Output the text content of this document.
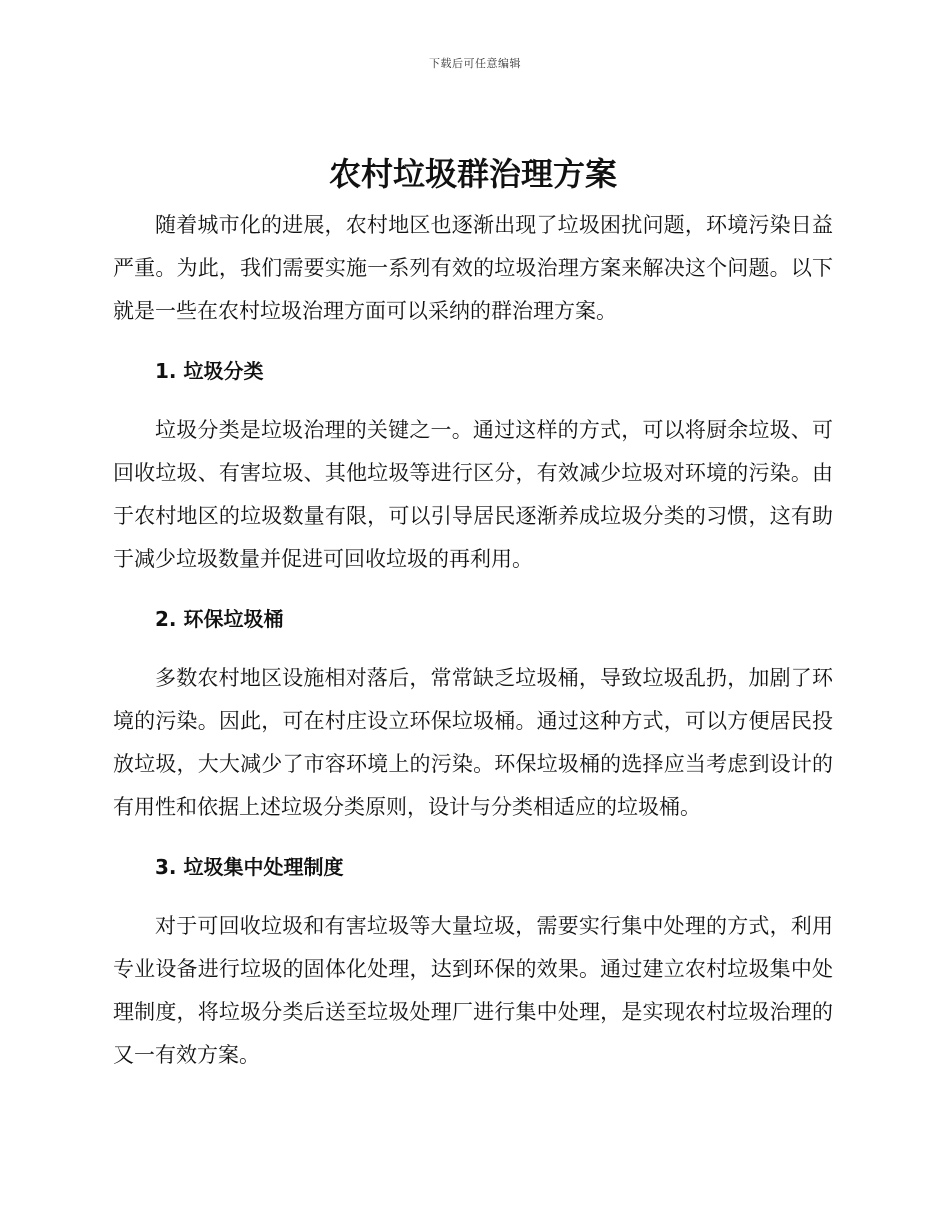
下载后可任意编辑
农村垃圾群治理方案

随着城市化的进展，农村地区也逐渐出现了垃圾困扰问题，环境污染日益严重。为此，我们需要实施一系列有效的垃圾治理方案来解决这个问题。以下就是一些在农村垃圾治理方面可以采纳的群治理方案。

1. 垃圾分类

垃圾分类是垃圾治理的关键之一。通过这样的方式，可以将厨余垃圾、可回收垃圾、有害垃圾、其他垃圾等进行区分，有效减少垃圾对环境的污染。由于农村地区的垃圾数量有限，可以引导居民逐渐养成垃圾分类的习惯，这有助于减少垃圾数量并促进可回收垃圾的再利用。

2. 环保垃圾桶

多数农村地区设施相对落后，常常缺乏垃圾桶，导致垃圾乱扔，加剧了环境的污染。因此，可在村庄设立环保垃圾桶。通过这种方式，可以方便居民投放垃圾，大大减少了市容环境上的污染。环保垃圾桶的选择应当考虑到设计的有用性和依据上述垃圾分类原则，设计与分类相适应的垃圾桶。

3. 垃圾集中处理制度

对于可回收垃圾和有害垃圾等大量垃圾，需要实行集中处理的方式，利用专业设备进行垃圾的固体化处理，达到环保的效果。通过建立农村垃圾集中处理制度，将垃圾分类后送至垃圾处理厂进行集中处理，是实现农村垃圾治理的又一有效方案。
